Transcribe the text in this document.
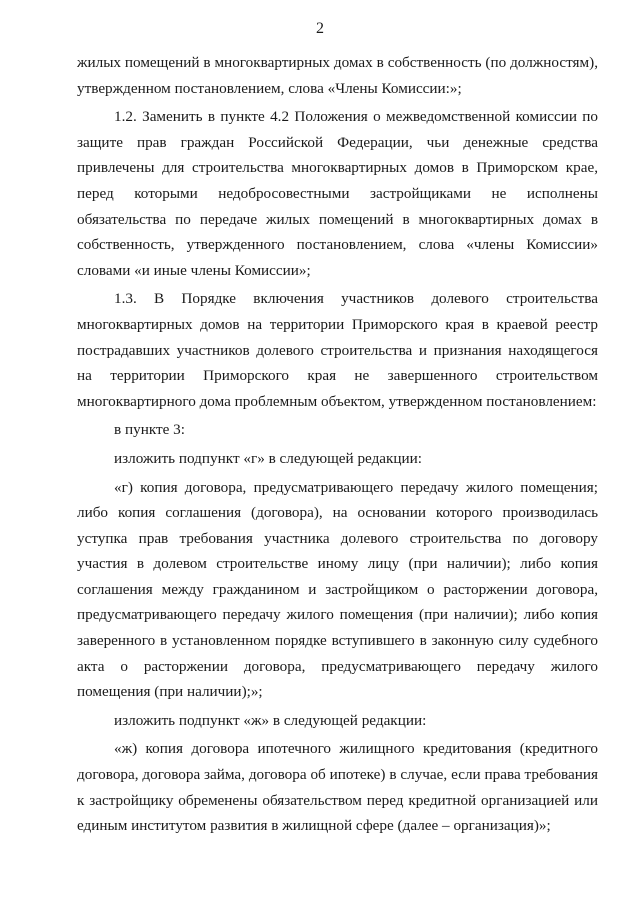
2

жилых помещений в многоквартирных домах в собственность (по должностям), утвержденном постановлением, слова «Члены Комиссии:»;

1.2. Заменить в пункте 4.2 Положения о межведомственной комиссии по защите прав граждан Российской Федерации, чьи денежные средства привлечены для строительства многоквартирных домов в Приморском крае, перед которыми недобросовестными застройщиками не исполнены обязательства по передаче жилых помещений в многоквартирных домах в собственность, утвержденного постановлением, слова «члены Комиссии» словами «и иные члены Комиссии»;

1.3. В Порядке включения участников долевого строительства многоквартирных домов на территории Приморского края в краевой реестр пострадавших участников долевого строительства и признания находящегося на территории Приморского края не завершенного строительством многоквартирного дома проблемным объектом, утвержденном постановлением:

в пункте 3:

изложить подпункт «г» в следующей редакции:

«г) копия договора, предусматривающего передачу жилого помещения; либо копия соглашения (договора), на основании которого производилась уступка прав требования участника долевого строительства по договору участия в долевом строительстве иному лицу (при наличии); либо копия соглашения между гражданином и застройщиком о расторжении договора, предусматривающего передачу жилого помещения (при наличии); либо копия заверенного в установленном порядке вступившего в законную силу судебного акта о расторжении договора, предусматривающего передачу жилого помещения (при наличии);»;

изложить подпункт «ж» в следующей редакции:

«ж) копия договора ипотечного жилищного кредитования (кредитного договора, договора займа, договора об ипотеке) в случае, если права требования к застройщику обременены обязательством перед кредитной организацией или единым институтом развития в жилищной сфере (далее – организация)»;
